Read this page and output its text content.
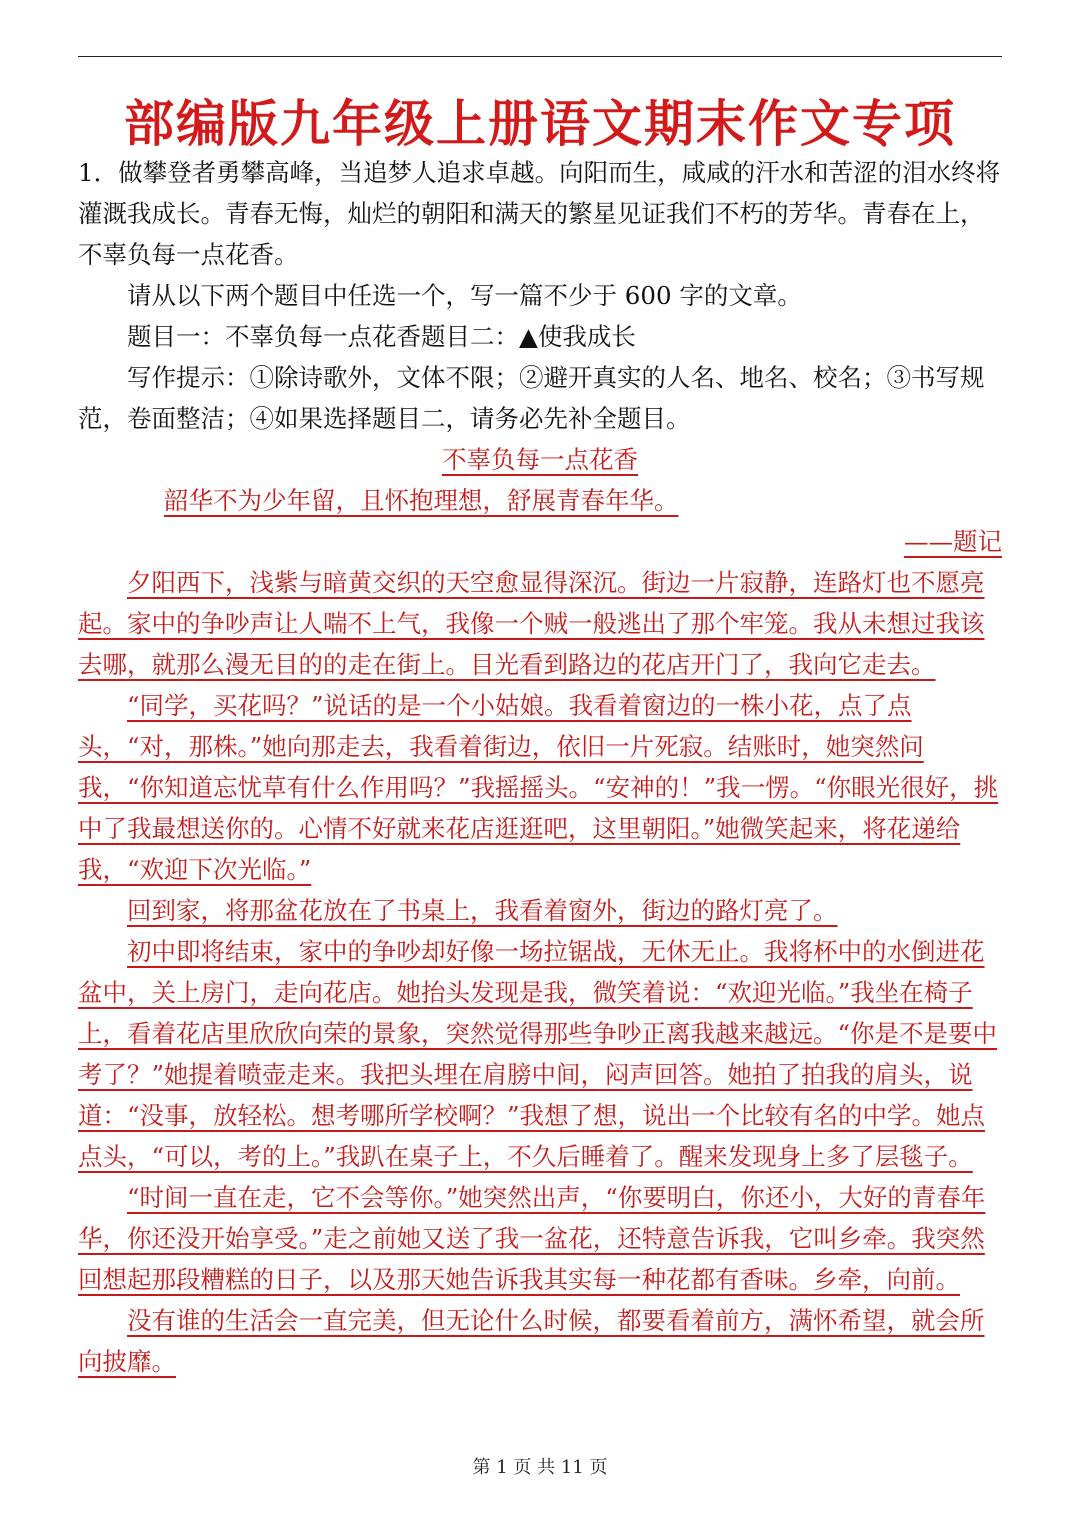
部编版九年级上册语文期末作文专项

1．做攀登者勇攀高峰，当追梦人追求卓越。向阳而生，咸咸的汗水和苦涩的泪水终将灌溉我成长。青春无悔，灿烂的朝阳和满天的繁星见证我们不朽的芳华。青春在上，不辜负每一点花香。

请从以下两个题目中任选一个，写一篇不少于 600 字的文章。

题目一：不辜负每一点花香题目二：▲使我成长

写作提示：①除诗歌外，文体不限；②避开真实的人名、地名、校名；③书写规范，卷面整洁；④如果选择题目二，请务必先补全题目。

不辜负每一点花香

韶华不为少年留，且怀抱理想，舒展青春年华。

——题记

夕阳西下，浅紫与暗黄交织的天空愈显得深沉。街边一片寂静，连路灯也不愿亮起。家中的争吵声让人喘不上气，我像一个贼一般逃出了那个牢笼。我从未想过我该去哪，就那么漫无目的的走在街上。目光看到路边的花店开门了，我向它走去。

“同学，买花吗？”说话的是一个小姑娘。我看着窗边的一株小花，点了点头，“对，那株。”她向那走去，我看着街边，依旧一片死寂。结账时，她突然问我，“你知道忘忧草有什么作用吗？”我摇摇头。“安神的！”我一愣。“你眼光很好，挑中了我最想送你的。心情不好就来花店逛逛吧，这里朝阳。”她微笑起来，将花递给我，“欢迎下次光临。”

回到家，将那盆花放在了书桌上，我看着窗外，街边的路灯亮了。

初中即将结束，家中的争吵却好像一场拉锯战，无休无止。我将杯中的水倒进花盆中，关上房门，走向花店。她抬头发现是我，微笑着说：“欢迎光临。”我坐在椅子上，看着花店里欣欣向荣的景象，突然觉得那些争吵正离我越来越远。“你是不是要中考了？”她提着喷壶走来。我把头埋在肩膀中间，闷声回答。她拍了拍我的肩头，说道：“没事，放轻松。想考哪所学校啊？”我想了想，说出一个比较有名的中学。她点点头，“可以，考的上。”我趴在桌子上，不久后睡着了。醒来发现身上多了层毯子。

“时间一直在走，它不会等你。”她突然出声，“你要明白，你还小，大好的青春年华，你还没开始享受。”走之前她又送了我一盆花，还特意告诉我，它叫乡牵。我突然回想起那段糟糕的日子，以及那天她告诉我其实每一种花都有香味。乡牵，向前。

没有谁的生活会一直完美，但无论什么时候，都要看着前方，满怀希望，就会所向披靡。

第 1 页 共 11 页
